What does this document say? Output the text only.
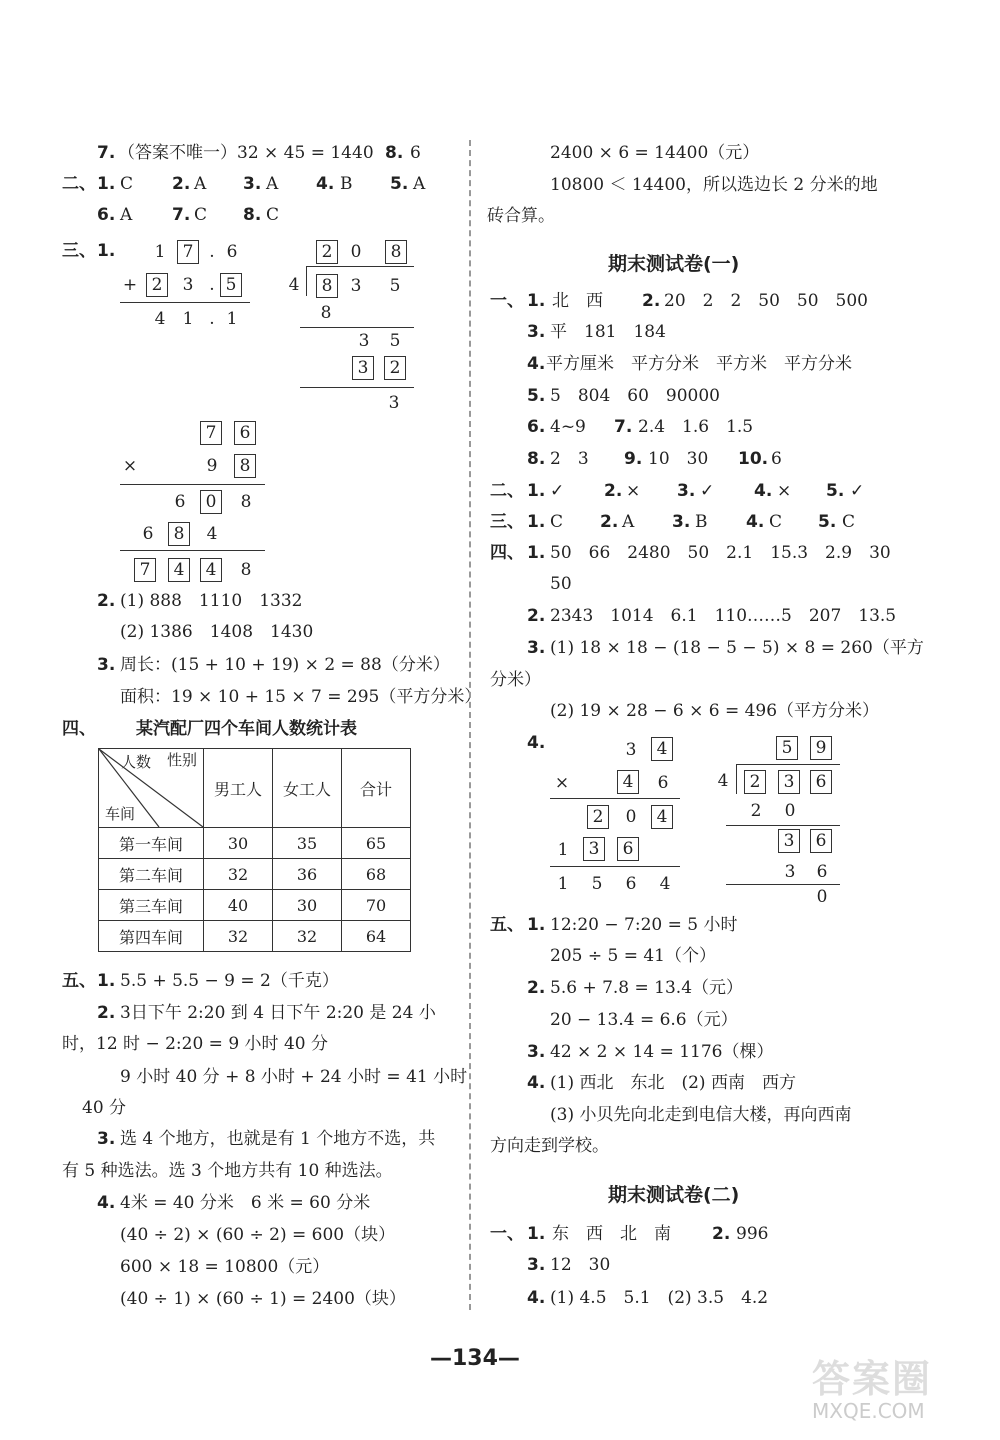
7. （答案不唯一）32 × 45 = 1440 8. 6
二、 1. C 2. A 3. A 4. B 5. A
6. A 7. C 8. C
三、 1. 1	7 . 6
+ 2	3 . 5
4 1 . 1
2	0	8
4	8	3 5
8
3 5
3	2
3
7	6
×	9	8
6	0	8
6	8	4
7	4	4	8
2. (1) 888　1110　1332
(2) 1386　1408　1430
3. 周长：(15 + 10 + 19) × 2 = 88（分米）
面积：19 × 10 + 15 × 7 = 295（平方分米）
四、 某汽配厂四个车间人数统计表
人数 性别
车间	男工人	女工人	合计
第一车间	30	35	65
第二车间	32	36	68
第三车间	40	30	70
第四车间	32	32	64
五、 1. 5.5 + 5.5 − 9 = 2（千克）
2. 3日下午 2:20 到 4 日下午 2:20 是 24 小
时，12 时 − 2:20 = 9 小时 40 分
9 小时 40 分 + 8 小时 + 24 小时 = 41 小时
40 分
3. 选 4 个地方，也就是有 1 个地方不选，共
有 5 种选法。选 3 个地方共有 10 种选法。
4. 4米 = 40 分米　6 米 = 60 分米
(40 ÷ 2) × (60 ÷ 2) = 600（块）
600 × 18 = 10800（元）
(40 ÷ 1) × (60 ÷ 1) = 2400（块）
2400 × 6 = 14400（元）
10800 ＜ 14400，所以选边长 2 分米的地
砖合算。
期末测试卷(一)
一、 1. 北　西 2. 20　2　2　50　50　500
3. 平　181　184
4. 平方厘米　平方分米　平方米　平方分米
5. 5　804　60　90000
6. 4~9 7. 2.4　1.6　1.5
8. 2　3 9. 10　30 10. 6
二、 1. ✓ 2. × 3. ✓ 4. × 5. ✓
三、 1. C 2. A 3. B 4. C 5. C
四、 1. 50　66　2480　50　2.1　15.3　2.9　30
50
2. 2343　1014　6.1　110……5　207　13.5
3. (1) 18 × 18 − (18 − 5 − 5) × 8 = 260（平方
分米）
(2) 19 × 28 − 6 × 6 = 496（平方分米）
4.	3	4
×	4	6
2	0	4
1	3	6
1 5 6 4
5	9
4	2	3	6
2 0
3	6
3 6
0
五、 1. 12:20 − 7:20 = 5 小时
205 ÷ 5 = 41（个）
2. 5.6 + 7.8 = 13.4（元）
20 − 13.4 = 6.6（元）
3. 42 × 2 × 14 = 1176（棵）
4. (1) 西北　东北　(2) 西南　西方
(3) 小贝先向北走到电信大楼，再向西南
方向走到学校。
期末测试卷(二)
一、 1. 东　西　北　南 2. 996
3. 12　30
4. (1) 4.5　5.1　(2) 3.5　4.2
—134—	答案圈
MXQE.COM
